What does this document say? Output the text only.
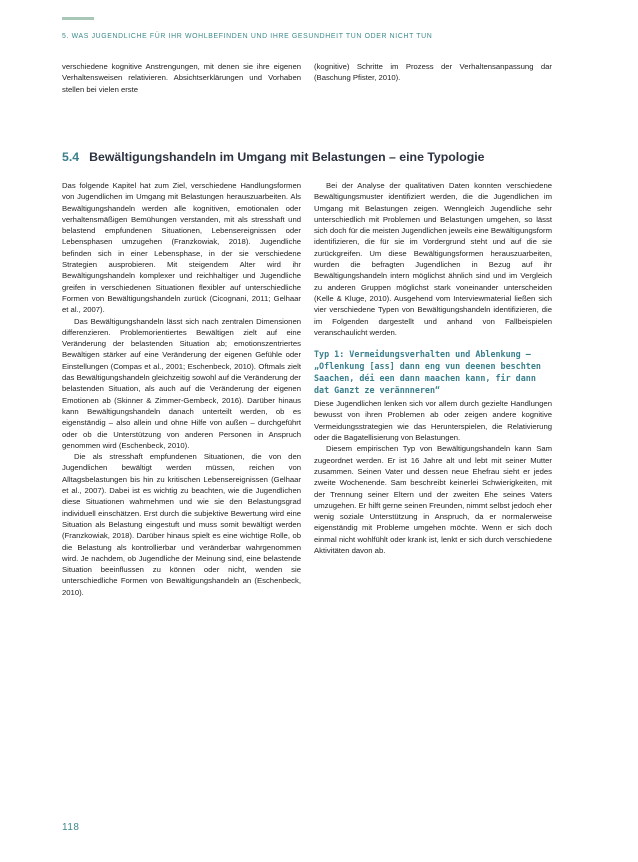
5. WAS JUGENDLICHE FÜR IHR WOHLBEFINDEN UND IHRE GESUNDHEIT TUN ODER NICHT TUN

verschiedene kognitive Anstrengungen, mit denen sie ihre eigenen Verhaltensweisen relativieren. Absichtserklärungen und Vorhaben stellen bei vielen erste

(kognitive) Schritte im Prozess der Verhaltensanpassung dar (Baschung Pfister, 2010).

5.4 Bewältigungshandeln im Umgang mit Belastungen – eine Typologie

Das folgende Kapitel hat zum Ziel, verschiedene Handlungsformen von Jugendlichen im Umgang mit Belastungen herauszuarbeiten. Als Bewältigungshandeln werden alle kognitiven, emotionalen oder verhaltensmäßigen Bemühungen verstanden, mit als stresshaft und belastend empfundenen Situationen, Lebensereignissen oder Lebensphasen umzugehen (Franzkowiak, 2018). Jugendliche befinden sich in einer Lebensphase, in der sie verschiedene Strategien ausprobieren. Mit steigendem Alter wird ihr Bewältigungshandeln komplexer und reichhaltiger und Jugendliche greifen in verschiedenen Situationen flexibler auf unterschiedliche Formen von Bewältigungshandeln zurück (Cicognani, 2011; Gelhaar et al., 2007).

Das Bewältigungshandeln lässt sich nach zentralen Dimensionen differenzieren. Problemorientiertes Bewältigen zielt auf eine Veränderung der belastenden Situation ab; emotionszentriertes Bewältigen stärker auf eine Veränderung der eigenen Gefühle oder Einstellungen (Compas et al., 2001; Eschenbeck, 2010). Oftmals zielt das Bewältigungshandeln gleichzeitig sowohl auf die Veränderung der belastenden Situation, als auch auf die Veränderung der eigenen Emotionen ab (Skinner & Zimmer-Gembeck, 2016). Darüber hinaus kann Bewältigungshandeln danach unterteilt werden, ob es eigenständig – also allein und ohne Hilfe von außen – durchgeführt oder ob die Unterstützung von anderen Personen in Anspruch genommen wird (Eschenbeck, 2010).

Die als stresshaft empfundenen Situationen, die von den Jugendlichen bewältigt werden müssen, reichen von Alltagsbelastungen bis hin zu kritischen Lebensereignissen (Gelhaar et al., 2007). Dabei ist es wichtig zu beachten, wie die Jugendlichen diese Situationen wahrnehmen und wie sie den Belastungsgrad individuell einschätzen. Erst durch die subjektive Bewertung wird eine Situation als Belastung eingestuft und muss somit bewältigt werden (Franzkowiak, 2018). Darüber hinaus spielt es eine wichtige Rolle, ob die Belastung als kontrollierbar und veränderbar wahrgenommen wird. Je nachdem, ob Jugendliche der Meinung sind, eine belastende Situation beeinflussen zu können oder nicht, wenden sie unterschiedliche Formen von Bewältigungshandeln an (Eschenbeck, 2010).

Bei der Analyse der qualitativen Daten konnten verschiedene Bewältigungsmuster identifiziert werden, die die Jugendlichen im Umgang mit Belastungen zeigen. Wenngleich Jugendliche sehr unterschiedlich mit Problemen und Belastungen umgehen, so lässt sich doch für die meisten Jugendlichen jeweils eine Bewältigungsform identifizieren, die für sie im Vordergrund steht und auf die sie zurückgreifen. Um diese Bewältigungsformen herauszuarbeiten, wurden die befragten Jugendlichen in Bezug auf ihr Bewältigungshandeln intern möglichst ähnlich sind und im Vergleich zu anderen Gruppen möglichst stark voneinander unterscheiden (Kelle & Kluge, 2010). Ausgehend vom Interviewmaterial ließen sich vier verschiedene Typen von Bewältigungshandeln identifizieren, die im Folgenden dargestellt und anhand von Fallbeispielen veranschaulicht werden.

Typ 1: Vermeidungsverhalten und Ablenkung – „Oflenkung [ass] dann eng vun deenen beschten Saachen, déi een dann maachen kann, fir dann dat Ganzt ze verännneren“

Diese Jugendlichen lenken sich vor allem durch gezielte Handlungen bewusst von ihren Problemen ab oder zeigen andere kognitive Vermeidungsstrategien wie das Herunterspielen, die Relativierung oder die Bagatellisierung von Belastungen.

Diesem empirischen Typ von Bewältigungshandeln kann Sam zugeordnet werden. Er ist 16 Jahre alt und lebt mit seiner Mutter zusammen. Seinen Vater und dessen neue Ehefrau sieht er jedes zweite Wochenende. Sam beschreibt keinerlei Schwierigkeiten, mit der Trennung seiner Eltern und der zweiten Ehe seines Vaters umzugehen. Er hilft gerne seinen Freunden, nimmt selbst jedoch eher wenig soziale Unterstützung in Anspruch, da er normalerweise eigenständig mit Probleme umgehen möchte. Wenn er sich doch einmal nicht wohlfühlt oder krank ist, lenkt er sich durch verschiedene Aktivitäten davon ab.

118
